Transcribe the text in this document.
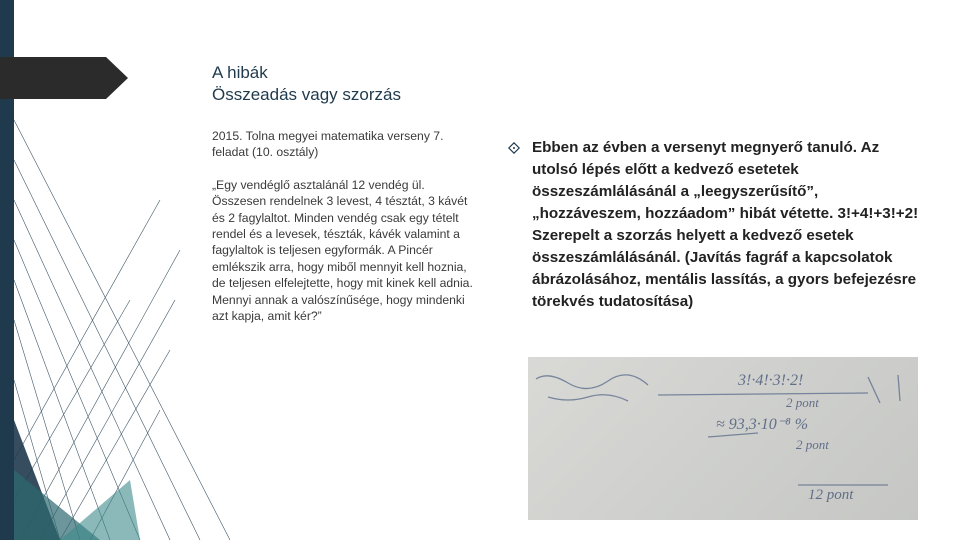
A hibák
Összeadás vagy szorzás

2015. Tolna megyei matematika verseny 7. feladat (10. osztály)

„Egy vendéglő asztalánál 12 vendég ül. Összesen rendelnek 3 levest, 4 tésztát, 3 kávét és 2 fagylaltot. Minden vendég csak egy tételt rendel és a levesek, tészták, kávék valamint a fagylaltok is teljesen egyformák. A Pincér emlékszik arra, hogy miből mennyit kell hoznia, de teljesen elfelejtette, hogy mit kinek kell adnia. Mennyi annak a valószínűsége, hogy mindenki azt kapja, amit kér?”

Ebben az évben a versenyt megnyerő tanuló. Az utolsó lépés előtt a kedvező esetetek összeszámlálásánál a „leegyszerűsítő”, „hozzáveszem, hozzáadom” hibát vétette. 3!+4!+3!+2! Szerepelt a szorzás helyett a kedvező esetek összeszámlálásánál. (Javítás fagráf a kapcsolatok ábrázolásához, mentális lassítás, a gyors befejezésre törekvés tudatosítása)
3!·4!·3!·2!
2 pont
≈ 93,3·10⁻⁸ %
2 pont
12 pont
